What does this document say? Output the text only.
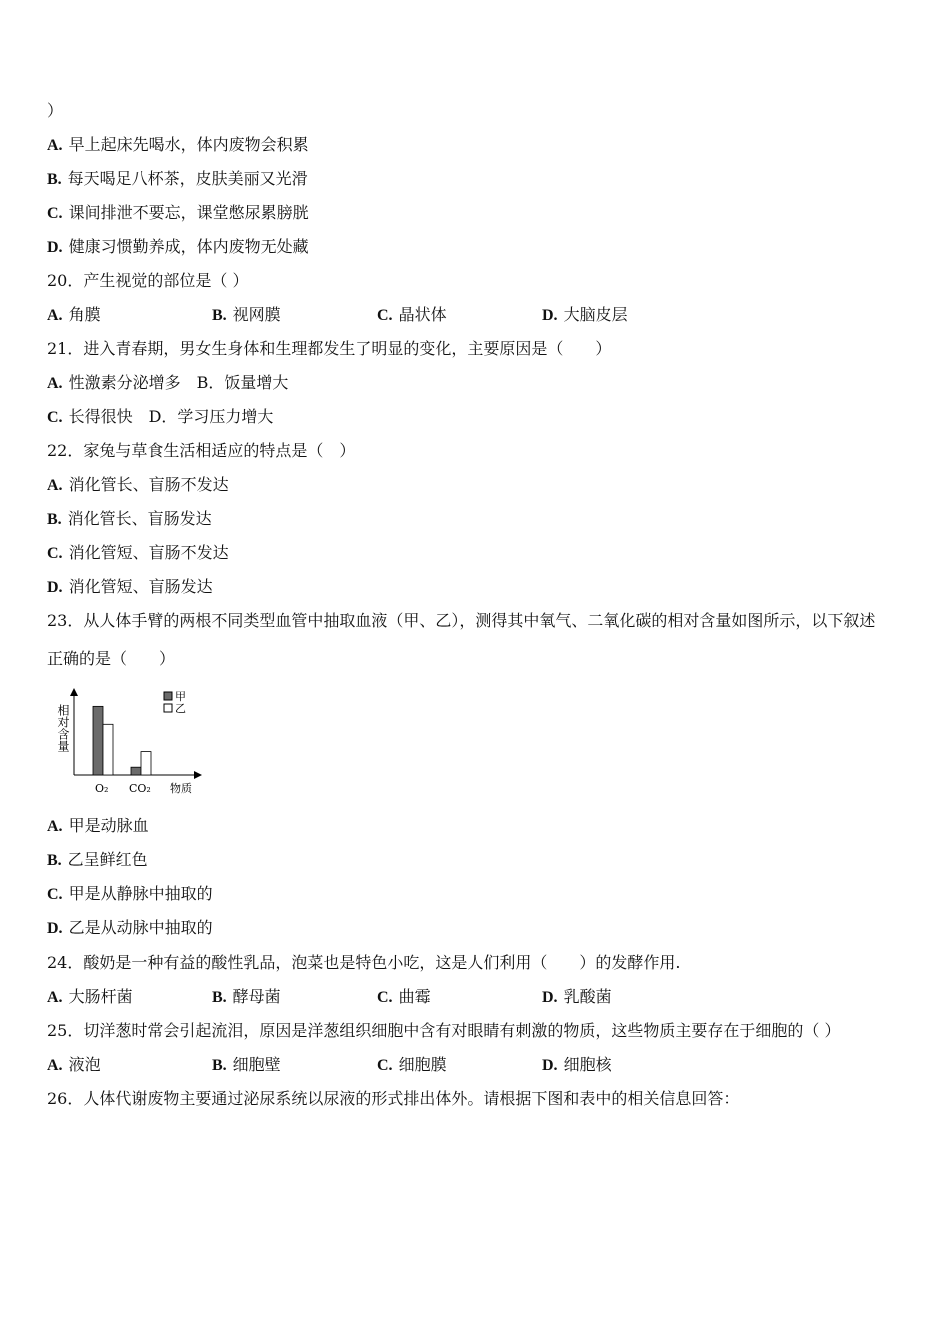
）
A. 早上起床先喝水，体内废物会积累
B. 每天喝足八杯茶，皮肤美丽又光滑
C. 课间排泄不要忘，课堂憋尿累膀胱
D. 健康习惯勤养成，体内废物无处藏
20．产生视觉的部位是（ ）
A. 角膜	B. 视网膜	C. 晶状体	D. 大脑皮层
21．进入青春期，男女生身体和生理都发生了明显的变化，主要原因是（　　）
A. 性激素分泌增多　B．饭量增大
C. 长得很快　D．学习压力增大
22．家兔与草食生活相适应的特点是（　）
A. 消化管长、盲肠不发达
B. 消化管长、盲肠发达
C. 消化管短、盲肠不发达
D. 消化管短、盲肠发达
23．从人体手臂的两根不同类型血管中抽取血液（甲、乙），测得其中氧气、二氧化碳的相对含量如图所示，以下叙述
正确的是（　　）
A. 甲是动脉血
B. 乙呈鲜红色
C. 甲是从静脉中抽取的
D. 乙是从动脉中抽取的
24．酸奶是一种有益的酸性乳品，泡菜也是特色小吃，这是人们利用（　　）的发酵作用.
A. 大肠杆菌	B. 酵母菌	C. 曲霉	D. 乳酸菌
25．切洋葱时常会引起流泪，原因是洋葱组织细胞中含有对眼睛有刺激的物质，这些物质主要存在于细胞的（ ）
A. 液泡	B. 细胞壁	C. 细胞膜	D. 细胞核
26．人体代谢废物主要通过泌尿系统以尿液的形式排出体外。请根据下图和表中的相关信息回答：
相对含量
物质
O₂ CO₂
甲
乙
